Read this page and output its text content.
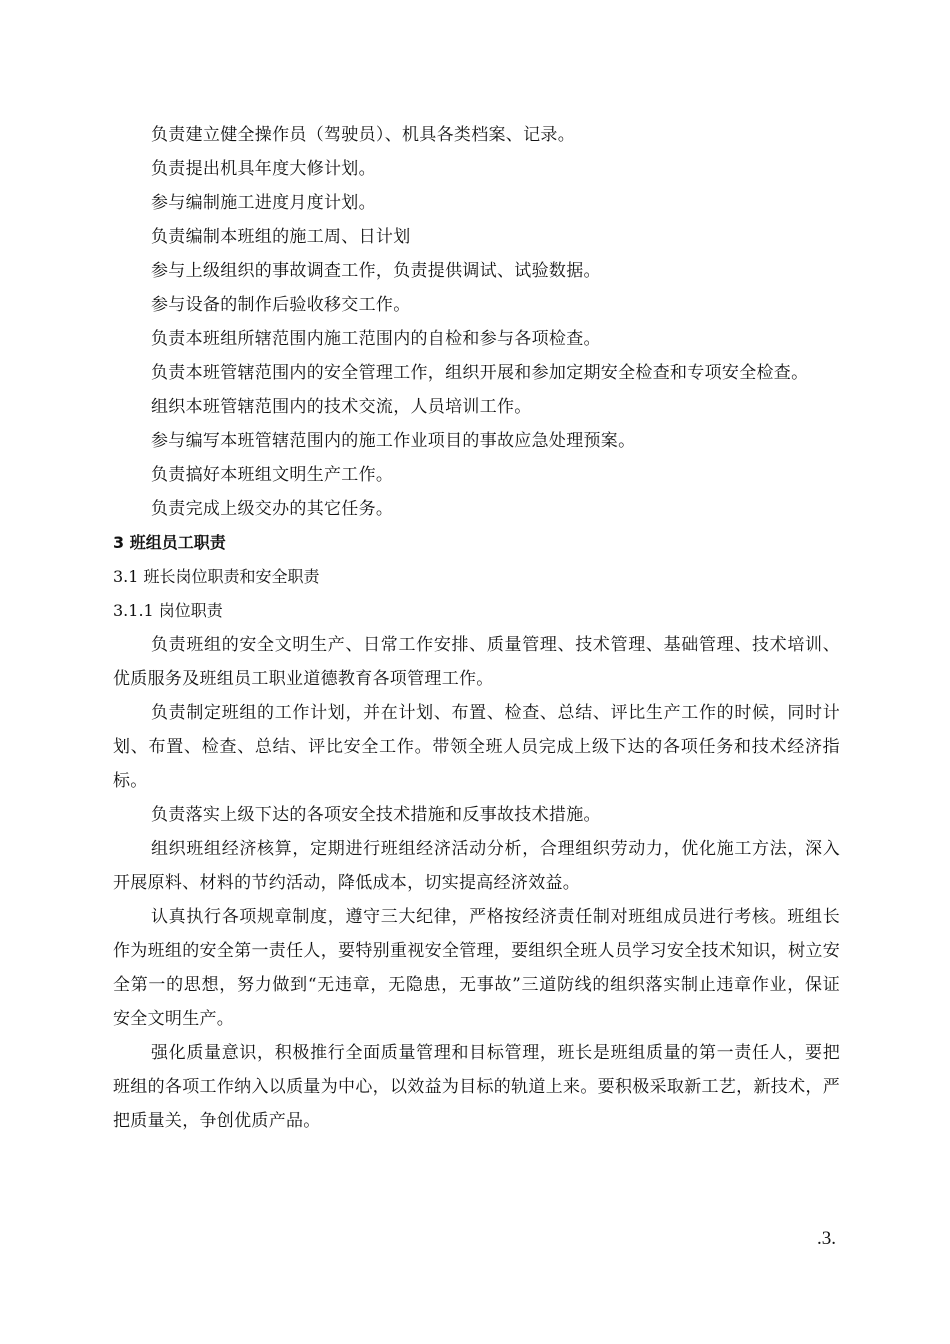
负责建立健全操作员（驾驶员）、机具各类档案、记录。

负责提出机具年度大修计划。

参与编制施工进度月度计划。

负责编制本班组的施工周、日计划

参与上级组织的事故调查工作，负责提供调试、试验数据。

参与设备的制作后验收移交工作。

负责本班组所辖范围内施工范围内的自检和参与各项检查。

负责本班管辖范围内的安全管理工作，组织开展和参加定期安全检查和专项安全检查。

组织本班管辖范围内的技术交流，人员培训工作。

参与编写本班管辖范围内的施工作业项目的事故应急处理预案。

负责搞好本班组文明生产工作。

负责完成上级交办的其它任务。

3 班组员工职责

3.1 班长岗位职责和安全职责

3.1.1 岗位职责

负责班组的安全文明生产、日常工作安排、质量管理、技术管理、基础管理、技术培训、优质服务及班组员工职业道德教育各项管理工作。

负责制定班组的工作计划，并在计划、布置、检查、总结、评比生产工作的时候，同时计划、布置、检查、总结、评比安全工作。带领全班人员完成上级下达的各项任务和技术经济指标。

负责落实上级下达的各项安全技术措施和反事故技术措施。

组织班组经济核算，定期进行班组经济活动分析，合理组织劳动力，优化施工方法，深入开展原料、材料的节约活动，降低成本，切实提高经济效益。

认真执行各项规章制度，遵守三大纪律，严格按经济责任制对班组成员进行考核。班组长作为班组的安全第一责任人，要特别重视安全管理，要组织全班人员学习安全技术知识，树立安全第一的思想，努力做到“无违章，无隐患，无事故”三道防线的组织落实制止违章作业，保证安全文明生产。

强化质量意识，积极推行全面质量管理和目标管理，班长是班组质量的第一责任人，要把班组的各项工作纳入以质量为中心，以效益为目标的轨道上来。要积极采取新工艺，新技术，严把质量关，争创优质产品。

.3.
